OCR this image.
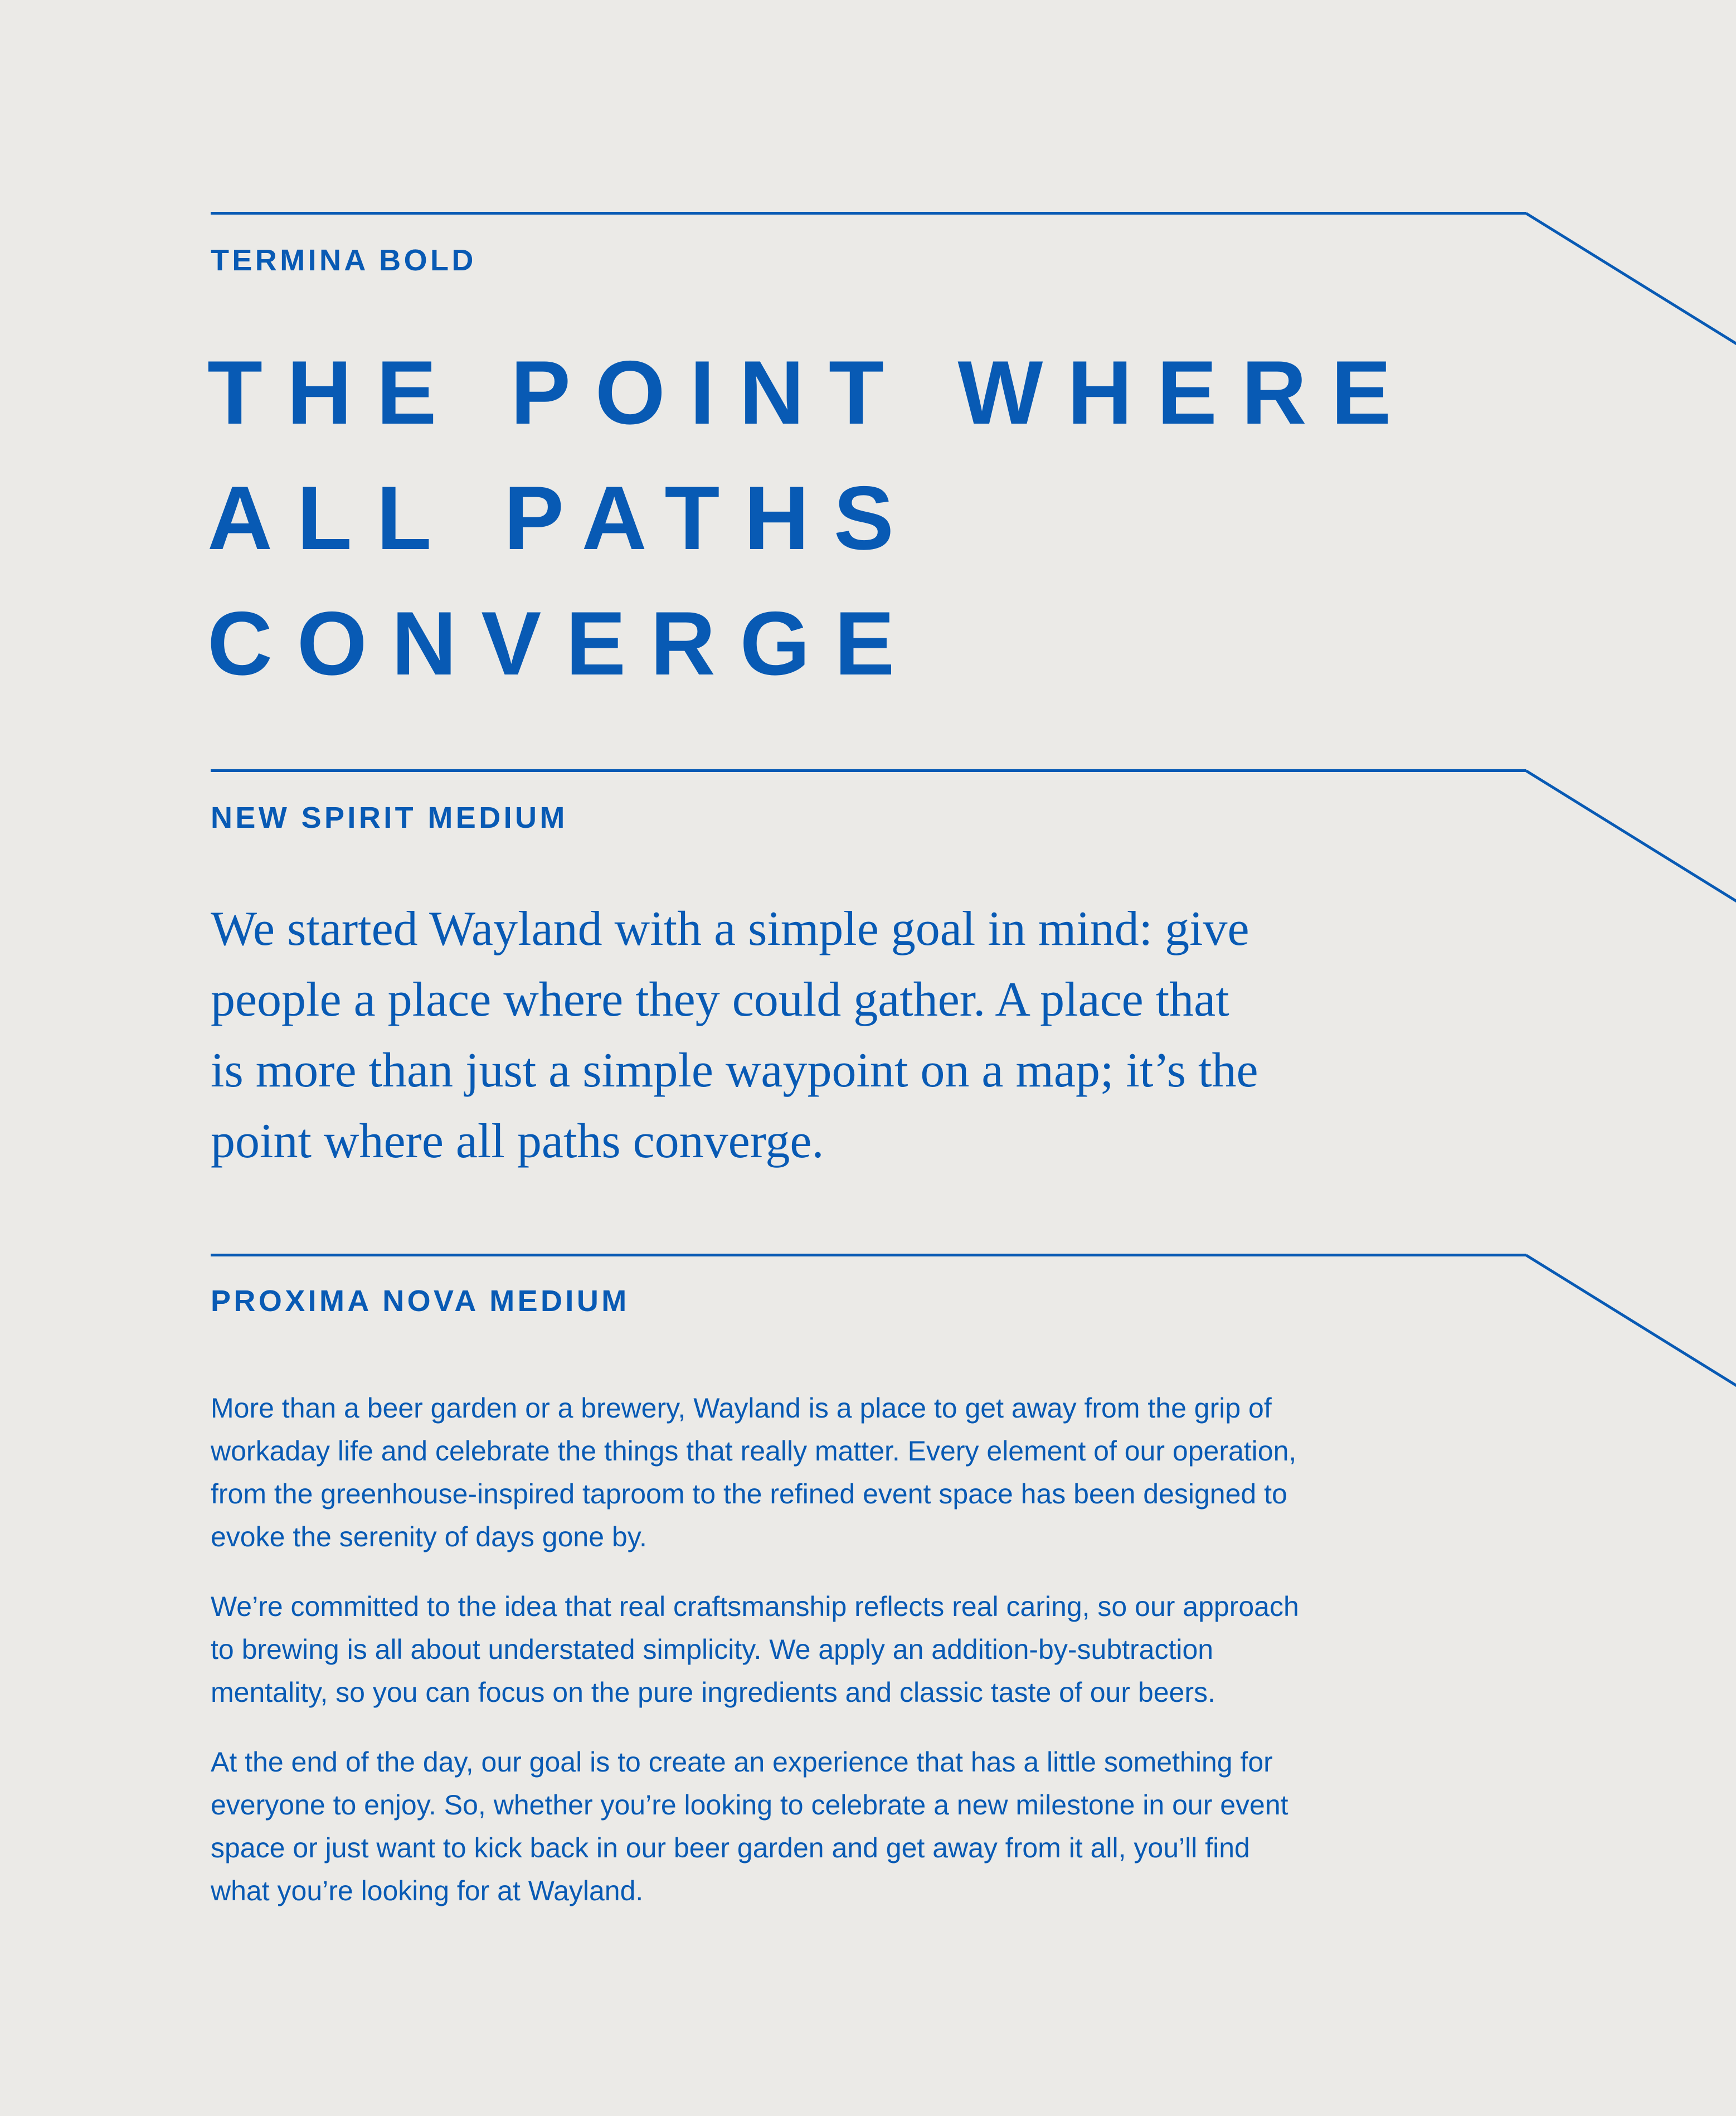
TERMINA BOLD
THE POINT WHERE
ALL PATHS
CONVERGE
NEW SPIRIT MEDIUM
We started Wayland with a simple goal in mind: give
people a place where they could gather. A place that
is more than just a simple waypoint on a map; it’s the
point where all paths converge.
PROXIMA NOVA MEDIUM
More than a beer garden or a brewery, Wayland is a place to get away from the grip of
workaday life and celebrate the things that really matter. Every element of our operation,
from the greenhouse-inspired taproom to the refined event space has been designed to
evoke the serenity of days gone by.
We’re committed to the idea that real craftsmanship reflects real caring, so our approach
to brewing is all about understated simplicity. We apply an addition-by-subtraction
mentality, so you can focus on the pure ingredients and classic taste of our beers.
At the end of the day, our goal is to create an experience that has a little something for
everyone to enjoy. So, whether you’re looking to celebrate a new milestone in our event
space or just want to kick back in our beer garden and get away from it all, you’ll find
what you’re looking for at Wayland.
